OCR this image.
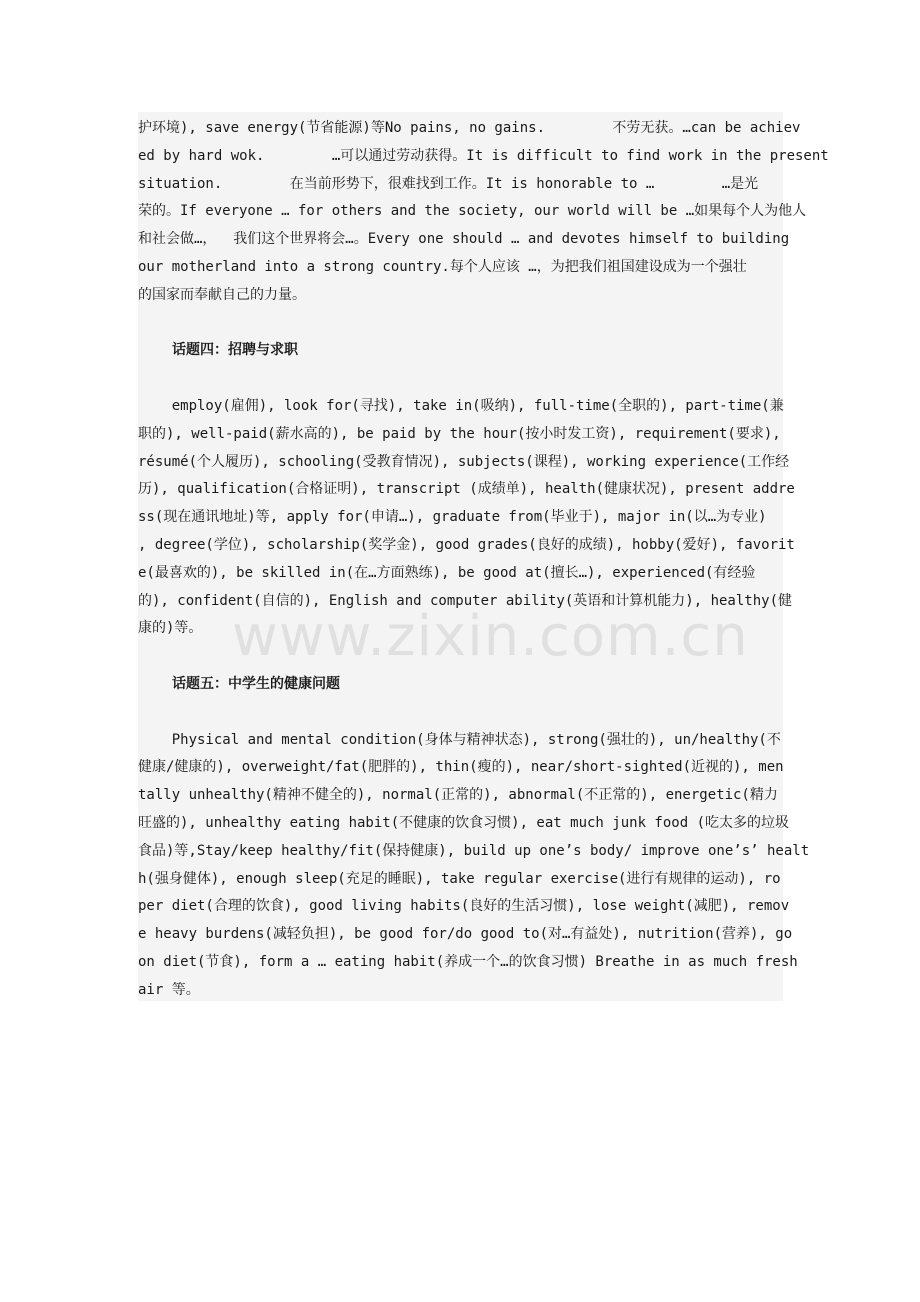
护环境), save energy(节省能源)等No pains, no gains.        不劳无获。…can be achiev

ed by hard wok.        …可以通过劳动获得。It is difficult to find work in the present

situation.        在当前形势下，很难找到工作。It is honorable to …        …是光

荣的。If everyone … for others and the society, our world will be …如果每个人为他人

和社会做…，  我们这个世界将会…。Every one should … and devotes himself to building

our motherland into a strong country.每个人应该 …，为把我们祖国建设成为一个强壮

的国家而奉献自己的力量。

话题四：招聘与求职

employ(雇佣), look for(寻找), take in(吸纳), full-time(全职的), part-time(兼

职的), well-paid(薪水高的), be paid by the hour(按小时发工资), requirement(要求),

résumé(个人履历), schooling(受教育情况), subjects(课程), working experience(工作经

历), qualification(合格证明), transcript (成绩单), health(健康状况), present addre

ss(现在通讯地址)等, apply for(申请…), graduate from(毕业于), major in(以…为专业)

, degree(学位), scholarship(奖学金), good grades(良好的成绩), hobby(爱好), favorit

e(最喜欢的), be skilled in(在…方面熟练), be good at(擅长…), experienced(有经验

的), confident(自信的), English and computer ability(英语和计算机能力), healthy(健

康的)等。

话题五：中学生的健康问题

Physical and mental condition(身体与精神状态), strong(强壮的), un/healthy(不

健康/健康的), overweight/fat(肥胖的), thin(瘦的), near/short-sighted(近视的), men

tally unhealthy(精神不健全的), normal(正常的), abnormal(不正常的), energetic(精力

旺盛的), unhealthy eating habit(不健康的饮食习惯), eat much junk food (吃太多的垃圾

食品)等,Stay/keep healthy/fit(保持健康), build up one’s body/ improve one’s’ healt

h(强身健体), enough sleep(充足的睡眠), take regular exercise(进行有规律的运动), ro

per diet(合理的饮食), good living habits(良好的生活习惯), lose weight(减肥), remov

e heavy burdens(减轻负担), be good for/do good to(对…有益处), nutrition(营养), go

on diet(节食), form a … eating habit(养成一个…的饮食习惯) Breathe in as much fresh

air 等。

www.zixin.com.cn
